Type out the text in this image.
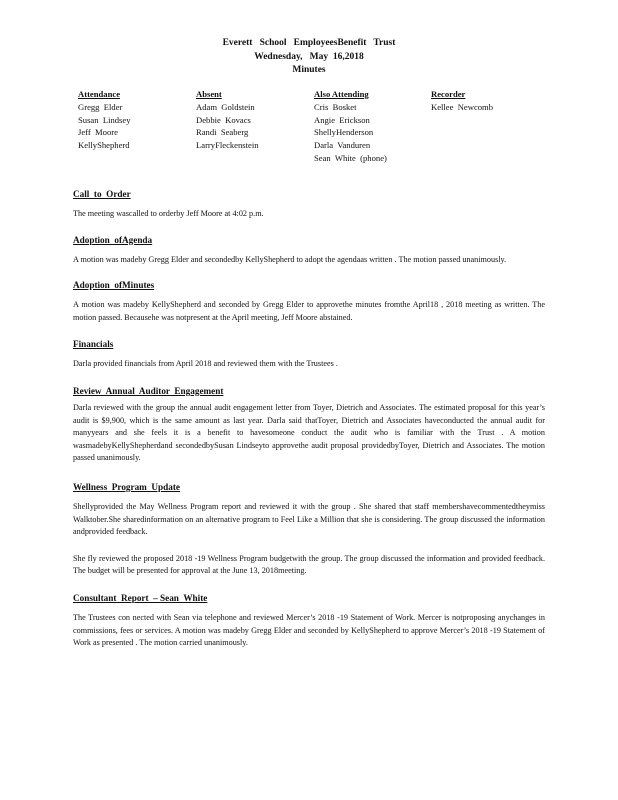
Everett   School   EmployeesBenefit   Trust
Wednesday,   May  16,2018
Minutes
Attendance
Gregg  Elder
Susan  Lindsey
Jeff  Moore
KellyShepherd
Absent
Adam  Goldstein
Debbie  Kovacs
Randi  Seaberg
LarryFleckenstein
Also Attending
Cris  Bosket
Angie  Erickson
ShellyHenderson
Darla  Vanduren
Sean  White  (phone)
Recorder
Kellee  Newcomb
Call  to  Order
The meeting wascalled to orderby Jeff Moore at 4:02 p.m.
Adoption  ofAgenda
A motion was madeby Gregg Elder and secondedby KellyShepherd to adopt the agendaas written . The motion passed unanimously.
Adoption  ofMinutes
A motion was madeby KellyShepherd and seconded by Gregg Elder to approvethe minutes fromthe April18 , 2018 meeting as written. The motion passed. Becausehe was notpresent at the April meeting, Jeff Moore abstained.
Financials
Darla provided financials from April 2018 and reviewed them with the Trustees .
Review  Annual  Auditor  Engagement
Darla reviewed with the group the annual audit engagement letter from Toyer, Dietrich and Associates. The estimated proposal for this year’s audit is $9,900, which is the same amount as last year. Darla said thatToyer, Dietrich and Associates haveconducted the annual audit for manyyears and she feels it is a benefit to havesomeone conduct the audit who is familiar with the Trust . A motion wasmadebyKellyShepherdand secondedbySusan Lindseyto approvethe audit proposal providedbyToyer, Dietrich and Associates. The motion passed unanimously.
Wellness  Program  Update
Shellyprovided the May Wellness Program report and reviewed it with the group . She shared that staff membershavecommentedtheymiss Walktober.She sharedinformation on an alternative program to Feel Like a Million that she is considering. The group discussed the information andprovided feedback.
She fly reviewed the proposed 2018 -19 Wellness Program budgetwith the group. The group discussed the information and provided feedback. The budget will be presented for approval at the June 13, 2018meeting.
Consultant  Report  – Sean  White
The Trustees con nected with Sean via telephone and reviewed Mercer’s 2018 -19 Statement of Work. Mercer is notproposing anychanges in commissions, fees or services. A motion was madeby Gregg Elder and seconded by KellyShepherd to approve Mercer’s 2018 -19 Statement of Work as presented . The motion carried unanimously.
